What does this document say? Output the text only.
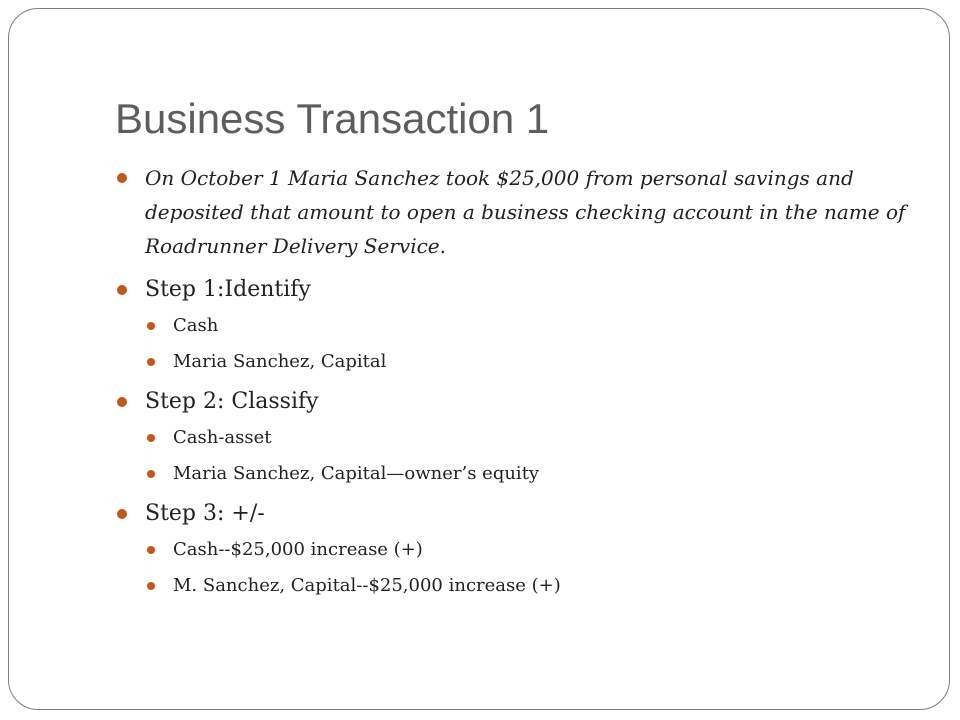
Business Transaction 1
On October 1 Maria Sanchez took $25,000 from personal savings and deposited that amount to open a business checking account in the name of Roadrunner Delivery Service.
Step 1:Identify
Cash
Maria Sanchez, Capital
Step 2: Classify
Cash-asset
Maria Sanchez, Capital—owner’s equity
Step 3: +/-
Cash--$25,000 increase (+)
M. Sanchez, Capital--$25,000 increase (+)
